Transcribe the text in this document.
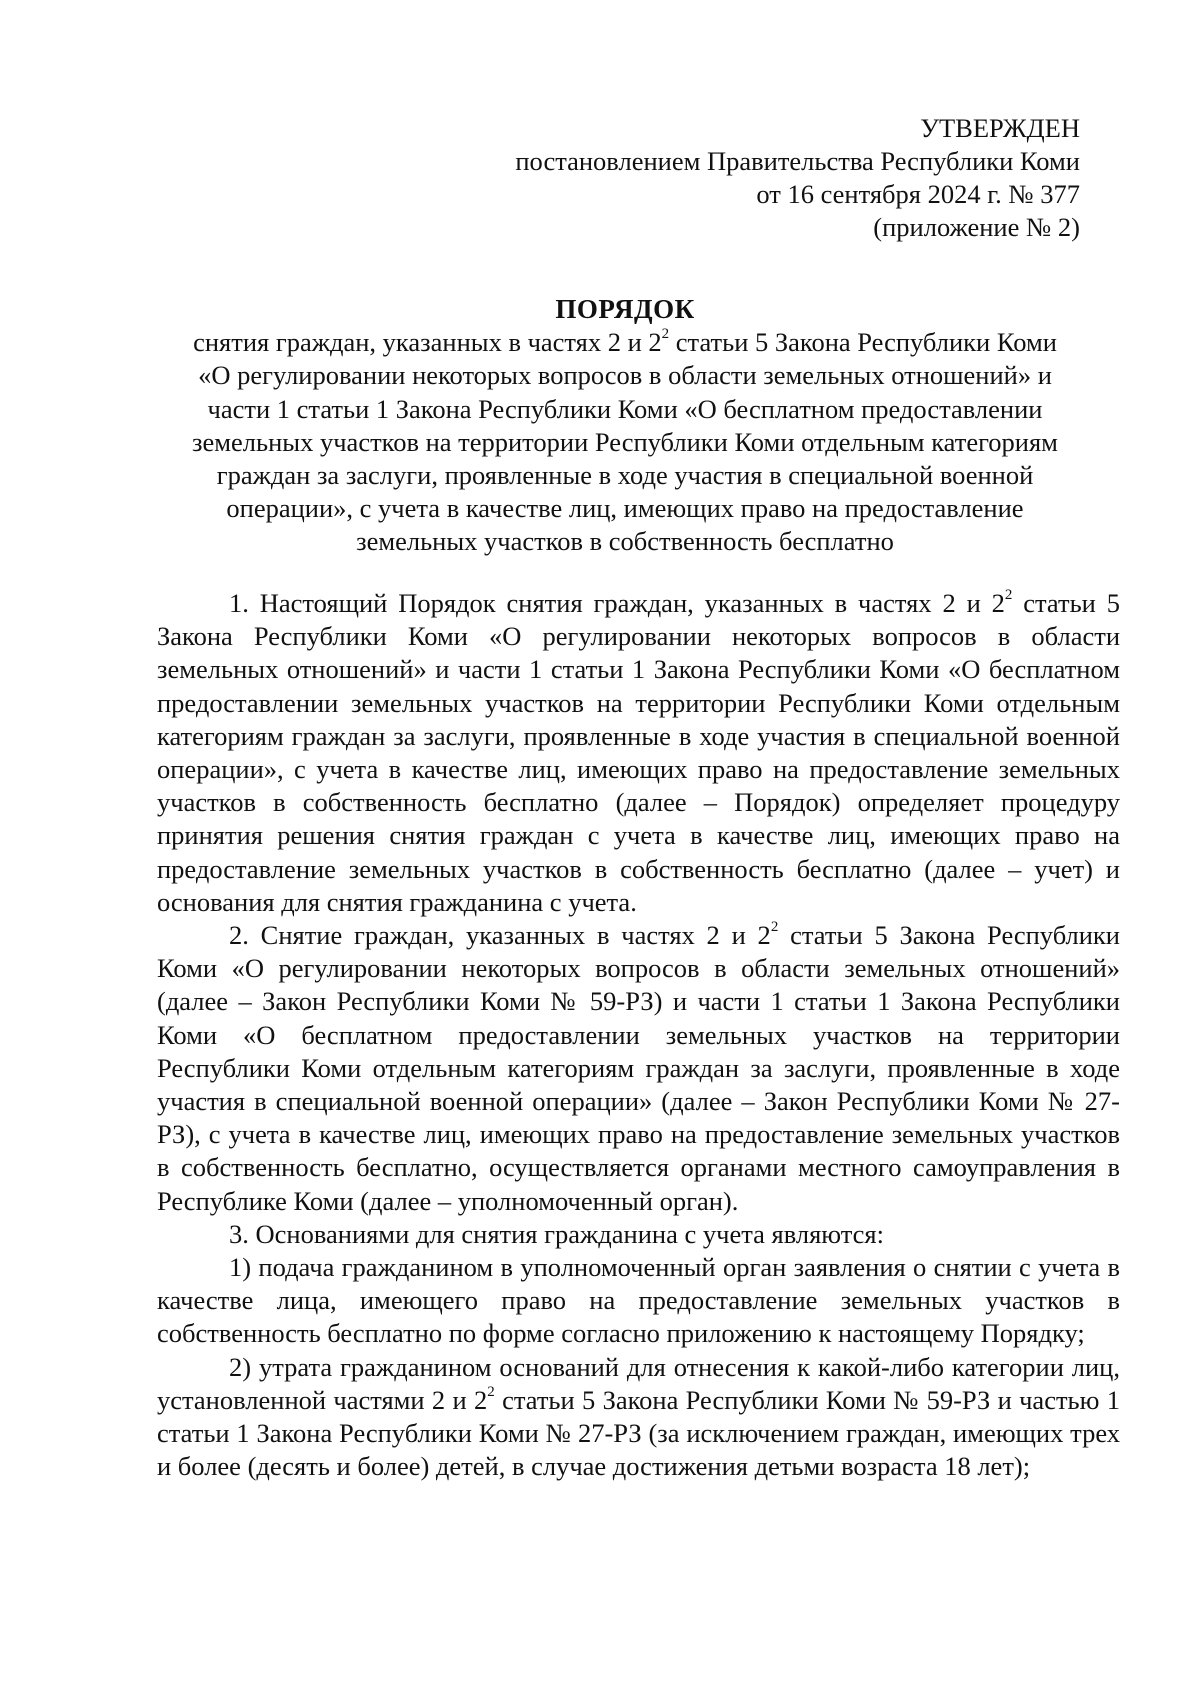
УТВЕРЖДЕН
постановлением Правительства Республики Коми
от 16 сентября 2024 г. № 377
(приложение № 2)
ПОРЯДОК
снятия граждан, указанных в частях 2 и $2^2$ статьи 5 Закона Республики Коми
«О регулировании некоторых вопросов в области земельных отношений» и
части 1 статьи 1 Закона Республики Коми «О бесплатном предоставлении
земельных участков на территории Республики Коми отдельным категориям
граждан за заслуги, проявленные в ходе участия в специальной военной
операции», с учета в качестве лиц, имеющих право на предоставление
земельных участков в собственность бесплатно

1. Настоящий Порядок снятия граждан, указанных в частях 2 и $2^2$ статьи 5 Закона Республики Коми «О регулировании некоторых вопросов в области земельных отношений» и части 1 статьи 1 Закона Республики Коми «О бесплатном предоставлении земельных участков на территории Республики Коми отдельным категориям граждан за заслуги, проявленные в ходе участия в специальной военной операции», с учета в качестве лиц, имеющих право на предоставление земельных участков в собственность бесплатно (далее – Порядок) определяет процедуру принятия решения снятия граждан с учета в качестве лиц, имеющих право на предоставление земельных участков в собственность бесплатно (далее – учет) и основания для снятия гражданина с учета.

2. Снятие граждан, указанных в частях 2 и $2^2$ статьи 5 Закона Республики Коми «О регулировании некоторых вопросов в области земельных отношений» (далее – Закон Республики Коми № 59-РЗ) и части 1 статьи 1 Закона Республики Коми «О бесплатном предоставлении земельных участков на территории Республики Коми отдельным категориям граждан за заслуги, проявленные в ходе участия в специальной военной операции» (далее – Закон Республики Коми № 27-РЗ), с учета в качестве лиц, имеющих право на предоставление земельных участков в собственность бесплатно, осуществляется органами местного самоуправления в Республике Коми (далее – уполномоченный орган).

3. Основаниями для снятия гражданина с учета являются:

1) подача гражданином в уполномоченный орган заявления о снятии с учета в качестве лица, имеющего право на предоставление земельных участков в собственность бесплатно по форме согласно приложению к настоящему Порядку;

2) утрата гражданином оснований для отнесения к какой-либо категории лиц, установленной частями 2 и $2^2$ статьи 5 Закона Республики Коми № 59-РЗ и частью 1 статьи 1 Закона Республики Коми № 27-РЗ (за исключением граждан, имеющих трех и более (десять и более) детей, в случае достижения детьми возраста 18 лет);
